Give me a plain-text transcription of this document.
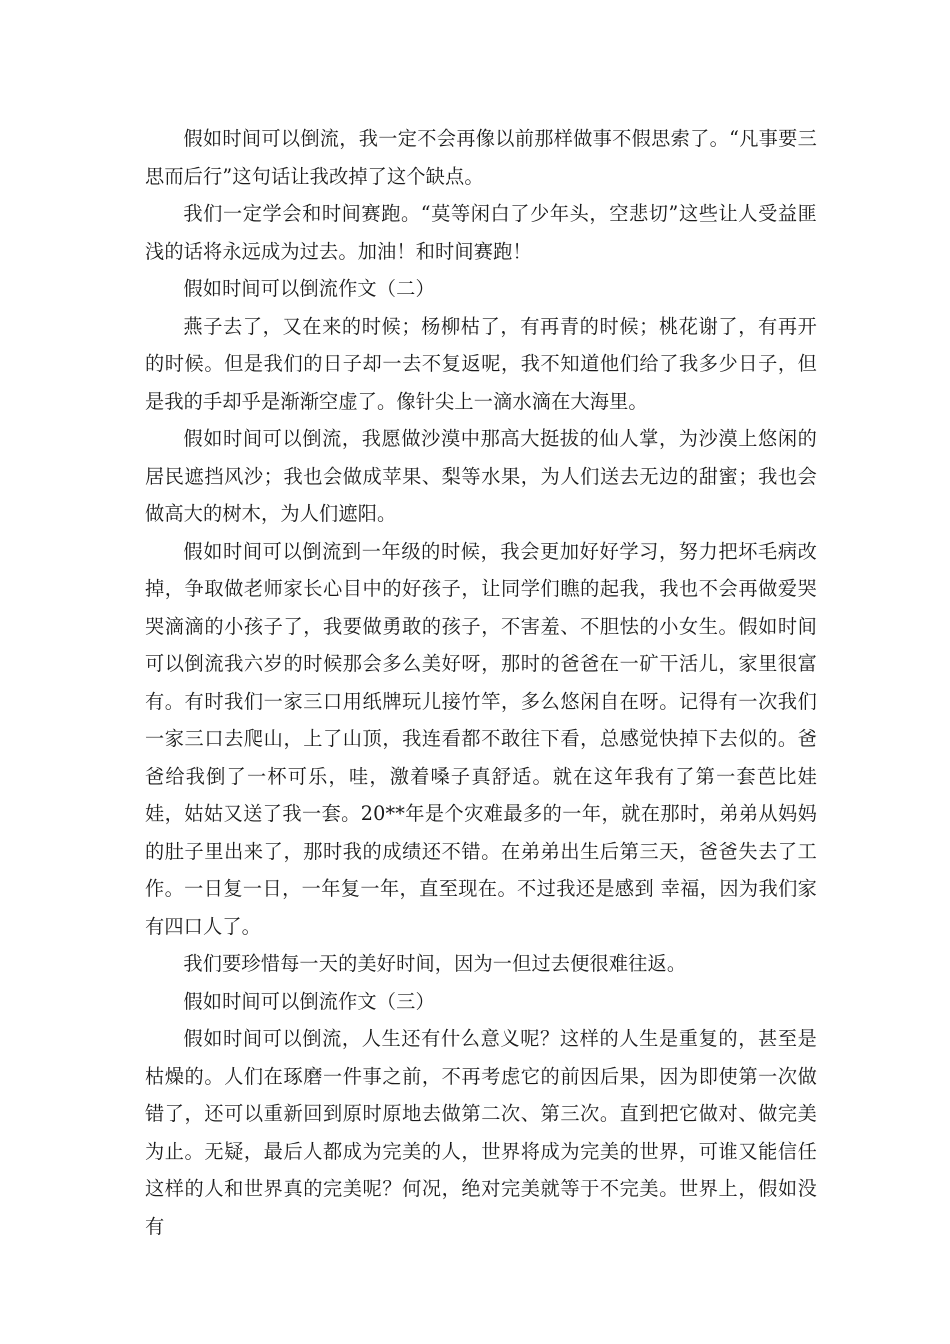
假如时间可以倒流，我一定不会再像以前那样做事不假思索了。“凡事要三思而后行”这句话让我改掉了这个缺点。

我们一定学会和时间赛跑。“莫等闲白了少年头，空悲切”这些让人受益匪浅的话将永远成为过去。加油！和时间赛跑！

假如时间可以倒流作文（二）

燕子去了，又在来的时候；杨柳枯了，有再青的时候；桃花谢了，有再开的时候。但是我们的日子却一去不复返呢，我不知道他们给了我多少日子，但是我的手却乎是渐渐空虚了。像针尖上一滴水滴在大海里。

假如时间可以倒流，我愿做沙漠中那高大挺拔的仙人掌，为沙漠上悠闲的居民遮挡风沙；我也会做成苹果、梨等水果，为人们送去无边的甜蜜；我也会做高大的树木，为人们遮阳。

假如时间可以倒流到一年级的时候，我会更加好好学习，努力把坏毛病改掉，争取做老师家长心目中的好孩子，让同学们瞧的起我，我也不会再做爱哭哭滴滴的小孩子了，我要做勇敢的孩子，不害羞、不胆怯的小女生。假如时间可以倒流我六岁的时候那会多么美好呀，那时的爸爸在一矿干活儿，家里很富有。有时我们一家三口用纸牌玩儿接竹竿，多么悠闲自在呀。记得有一次我们一家三口去爬山，上了山顶，我连看都不敢往下看，总感觉快掉下去似的。爸爸给我倒了一杯可乐，哇，激着嗓子真舒适。就在这年我有了第一套芭比娃娃，姑姑又送了我一套。20**年是个灾难最多的一年，就在那时，弟弟从妈妈的肚子里出来了，那时我的成绩还不错。在弟弟出生后第三天，爸爸失去了工作。一日复一日，一年复一年，直至现在。不过我还是感到 幸福，因为我们家有四口人了。

我们要珍惜每一天的美好时间，因为一但过去便很难往返。

假如时间可以倒流作文（三）

假如时间可以倒流，人生还有什么意义呢？这样的人生是重复的，甚至是枯燥的。人们在琢磨一件事之前，不再考虑它的前因后果，因为即使第一次做错了，还可以重新回到原时原地去做第二次、第三次。直到把它做对、做完美为止。无疑，最后人都成为完美的人，世界将成为完美的世界，可谁又能信任这样的人和世界真的完美呢？何况，绝对完美就等于不完美。世界上，假如没有
